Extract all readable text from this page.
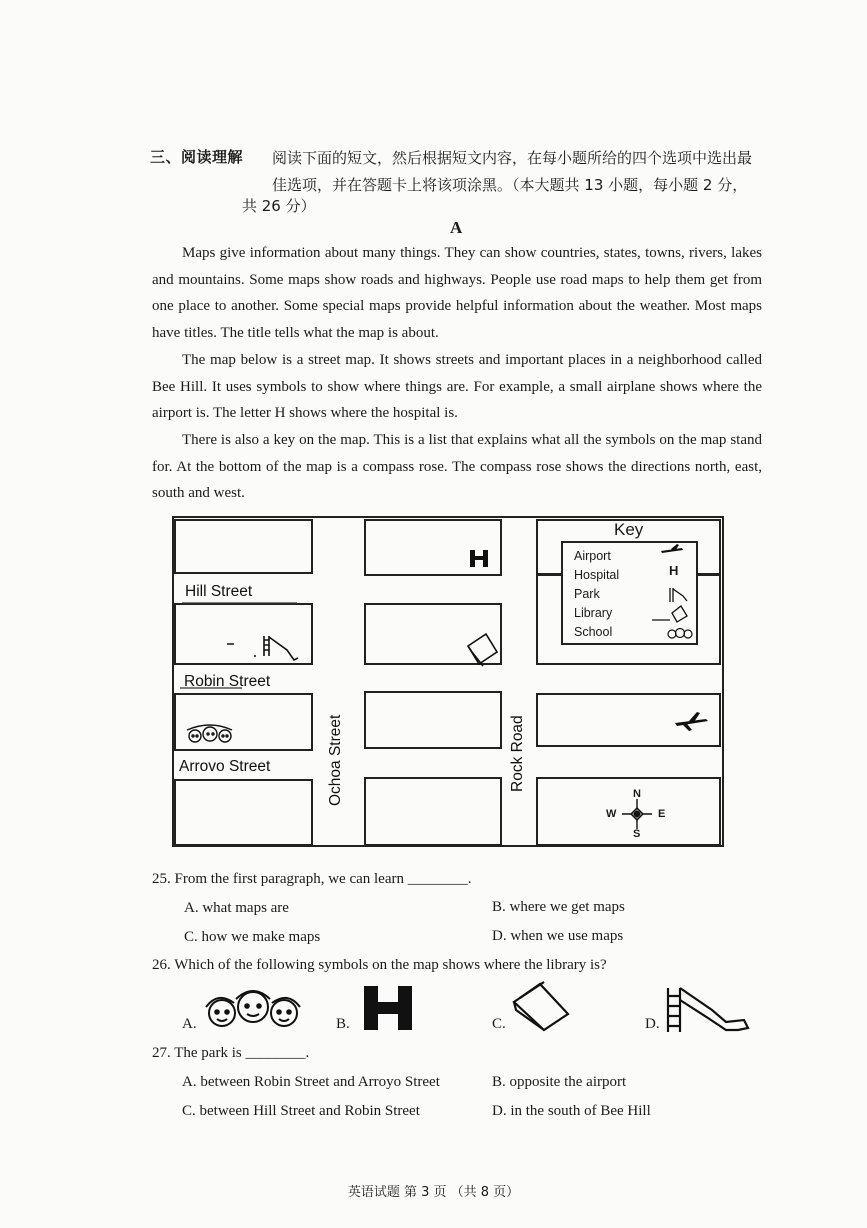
三、阅读理解 阅读下面的短文，然后根据短文内容，在每小题所给的四个选项中选出最
佳选项，并在答题卡上将该项涂黑。（本大题共 13 小题，每小题 2 分，
共 26 分）
A
Maps give information about many things. They can show countries, states, towns, rivers, lakes and mountains. Some maps show roads and highways. People use road maps to help them get from one place to another. Some special maps provide helpful information about the weather. Most maps have titles. The title tells what the map is about.
The map below is a street map. It shows streets and important places in a neighborhood called Bee Hill. It uses symbols to show where things are. For example, a small airplane shows where the airport is. The letter H shows where the hospital is.
There is also a key on the map. This is a list that explains what all the symbols on the map stand for. At the bottom of the map is a compass rose. The compass rose shows the directions north, east, south and west.
Hill Street
Robin Street
Arrovo Street	Ochoa Street	Rock Road
Key
Airport
Hospital
Park
Library
School
H
N
S
W	E
25. From the first paragraph, we can learn ________.
A. what maps are	B. where we get maps
C. how we make maps	D. when we use maps
26. Which of the following symbols on the map shows where the library is?
A.	B.	C.	D.
27. The park is ________.
A. between Robin Street and Arroyo Street	B. opposite the airport
C. between Hill Street and Robin Street	D. in the south of Bee Hill
英语试题 第 3 页 （共 8 页）
